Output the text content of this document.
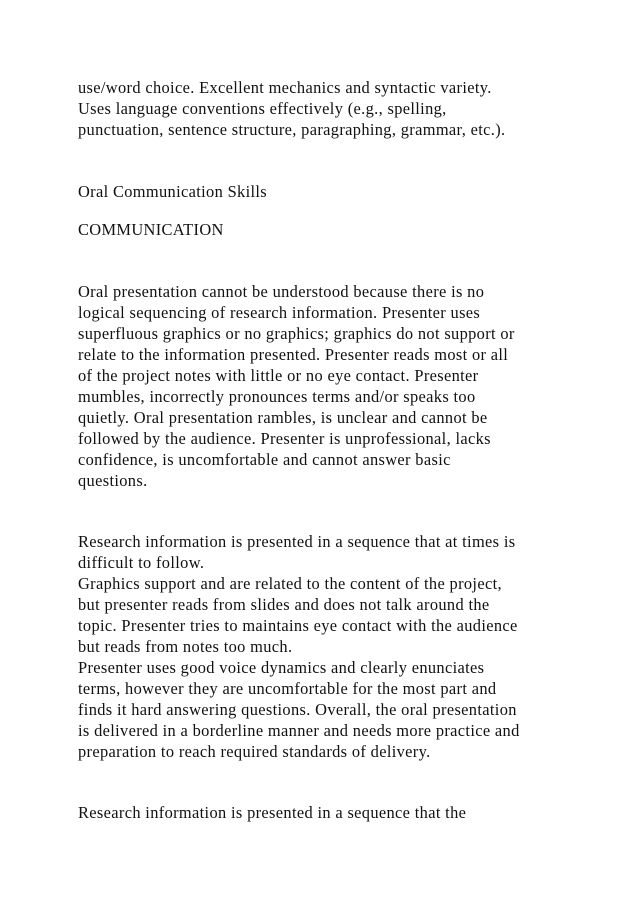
use/word choice. Excellent mechanics and syntactic variety.
Uses language conventions effectively (e.g., spelling,
punctuation, sentence structure, paragraphing, grammar, etc.).
Oral Communication Skills
COMMUNICATION
Oral presentation cannot be understood because there is no
logical sequencing of research information. Presenter uses
superfluous graphics or no graphics; graphics do not support or
relate to the information presented. Presenter reads most or all
of the project notes with little or no eye contact. Presenter
mumbles, incorrectly pronounces terms and/or speaks too
quietly. Oral presentation rambles, is unclear and cannot be
followed by the audience. Presenter is unprofessional, lacks
confidence, is uncomfortable and cannot answer basic
questions.
Research information is presented in a sequence that at times is
difficult to follow.
Graphics support and are related to the content of the project,
but presenter reads from slides and does not talk around the
topic. Presenter tries to maintains eye contact with the audience
but reads from notes too much.
Presenter uses good voice dynamics and clearly enunciates
terms, however they are uncomfortable for the most part and
finds it hard answering questions. Overall, the oral presentation
is delivered in a borderline manner and needs more practice and
preparation to reach required standards of delivery.
Research information is presented in a sequence that the
